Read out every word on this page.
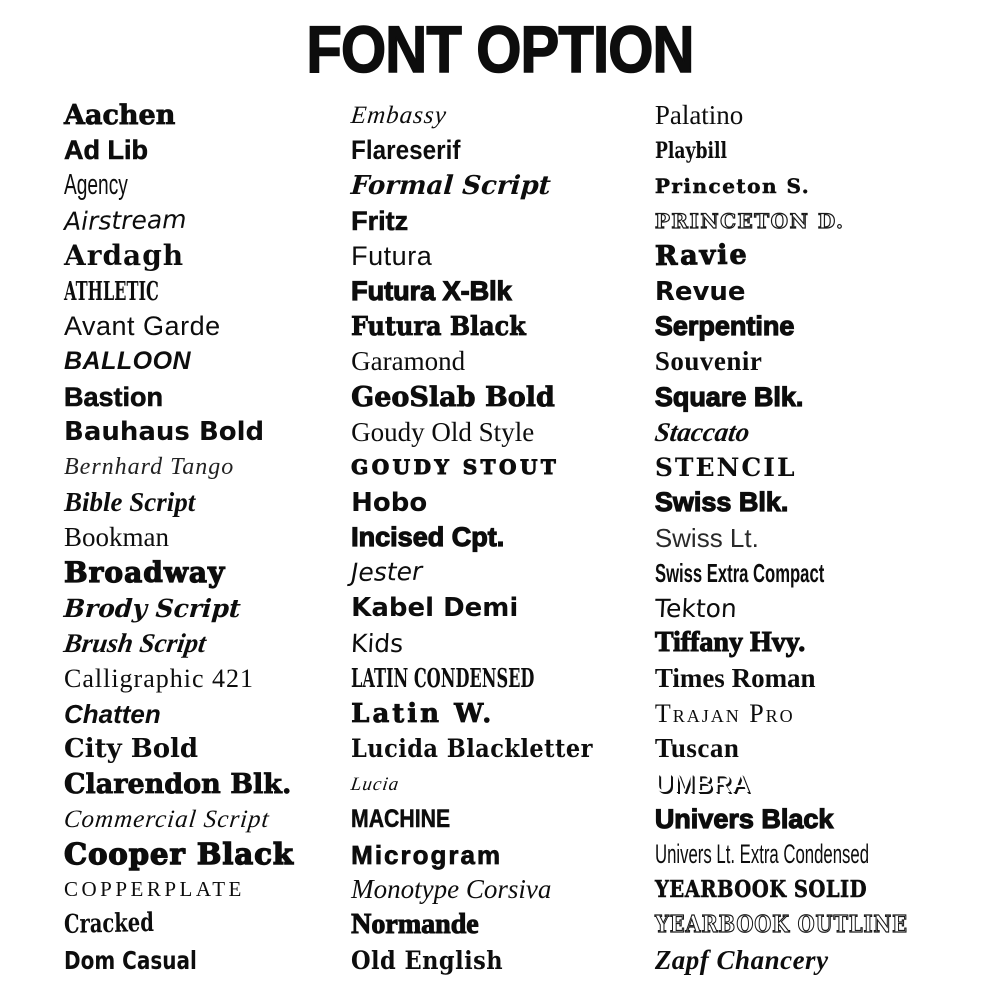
FONT OPTION
Aachen
Ad Lib
Agency
Airstream
Ardagh
ATHLETIC
Avant Garde
BALLOON
Bastion
Bauhaus Bold
Bernhard Tango
Bible Script
Bookman
Broadway
Brody Script
Brush Script
Calligraphic 421
Chatten
City Bold
Clarendon Blk.
Commercial Script
Cooper Black
COPPERPLATE
Cracked
Dom Casual
Embassy
Flareserif
Formal Script
Fritz
Futura
Futura X-Blk
Futura Black
Garamond
GeoSlab Bold
Goudy Old Style
GOUDY STOUT
Hobo
Incised Cpt.
Jester
Kabel Demi
Kids
LATIN CONDENSED
Latin W.
Lucida Blackletter
Lucia
MACHINE
Microgram
Monotype Corsiva
Normande
Old English
Palatino
Playbill
Princeton S.
PRINCETON D.
Ravie
Revue
Serpentine
Souvenir
Square Blk.
Staccato
STENCIL
Swiss Blk.
Swiss Lt.
Swiss Extra Compact
Tekton
Tiffany Hvy.
Times Roman
Trajan Pro
Tuscan
UMBRA
Univers Black
Univers Lt. Extra Condensed
YEARBOOK SOLID
YEARBOOK OUTLINE
Zapf Chancery
